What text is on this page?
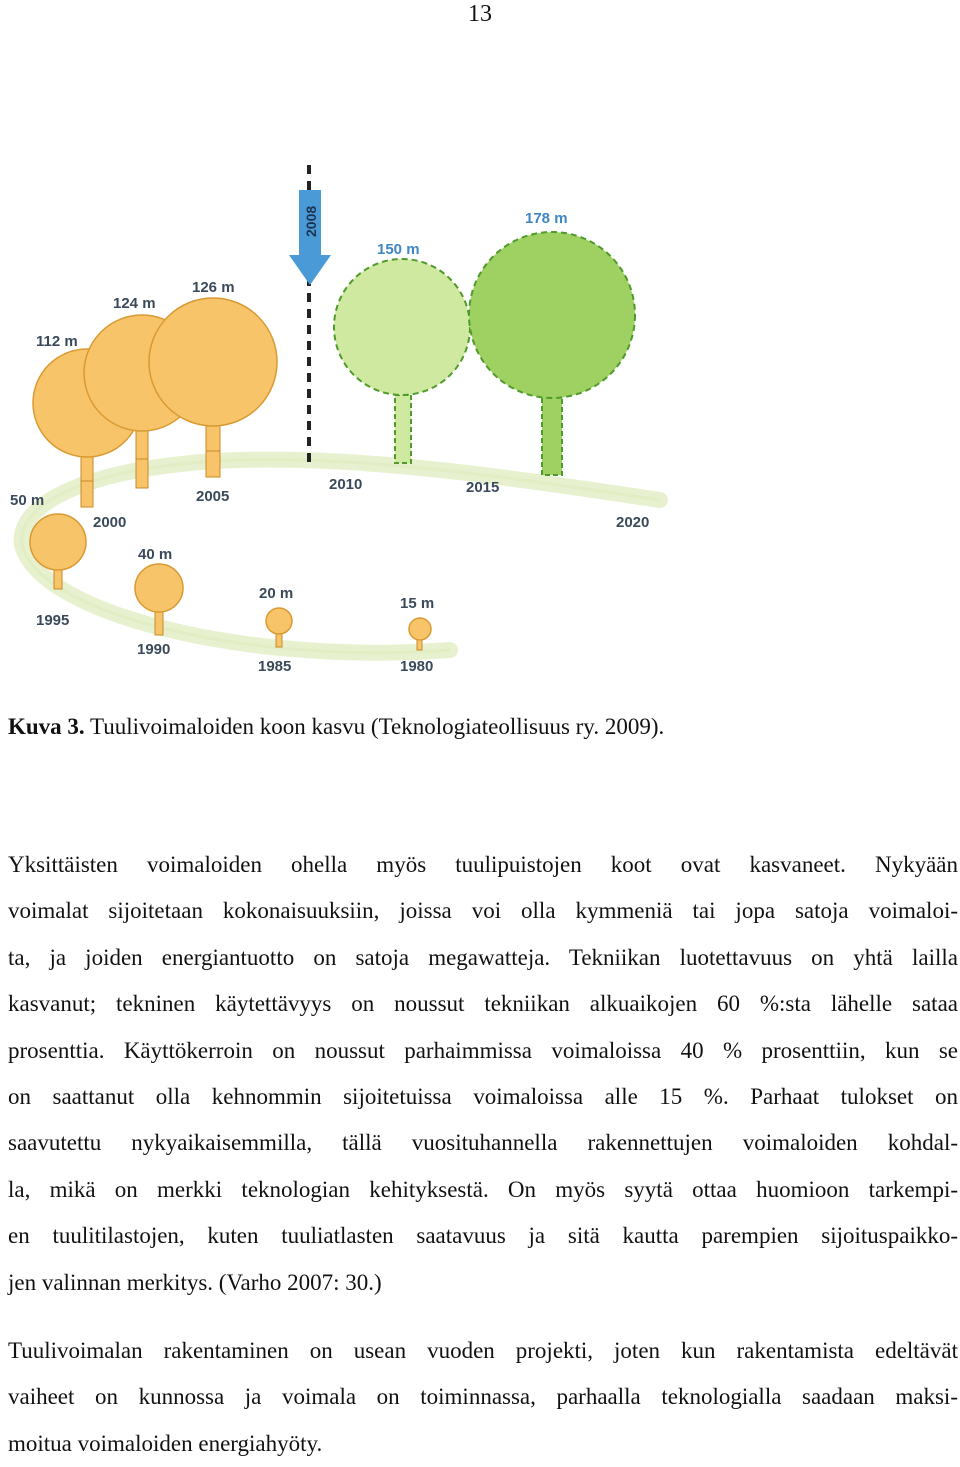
13
2008
15 m
20 m
40 m
50 m
112 m
124 m
126 m
150 m
178 m
1980
1985
1990
1995
2000
2005
2010	2015
2020
Kuva 3. Tuulivoimaloiden koon kasvu (Teknologiateollisuus ry. 2009).
Yksittäisten voimaloiden ohella myös tuulipuistojen koot ovat kasvaneet. Nykyään
voimalat sijoitetaan kokonaisuuksiin, joissa voi olla kymmeniä tai jopa satoja voimaloi-
ta, ja joiden energiantuotto on satoja megawatteja. Tekniikan luotettavuus on yhtä lailla
kasvanut; tekninen käytettävyys on noussut tekniikan alkuaikojen 60 %:sta lähelle sataa
prosenttia. Käyttökerroin on noussut parhaimmissa voimaloissa 40 % prosenttiin, kun se
on saattanut olla kehnommin sijoitetuissa voimaloissa alle 15 %. Parhaat tulokset on
saavutettu nykyaikaisemmilla, tällä vuosituhannella rakennettujen voimaloiden kohdal-
la, mikä on merkki teknologian kehityksestä. On myös syytä ottaa huomioon tarkempi-
en tuulitilastojen, kuten tuuliatlasten saatavuus ja sitä kautta parempien sijoituspaikko-
jen valinnan merkitys. (Varho 2007: 30.)
Tuulivoimalan rakentaminen on usean vuoden projekti, joten kun rakentamista edeltävät
vaiheet on kunnossa ja voimala on toiminnassa, parhaalla teknologialla saadaan maksi-
moitua voimaloiden energiahyöty.
